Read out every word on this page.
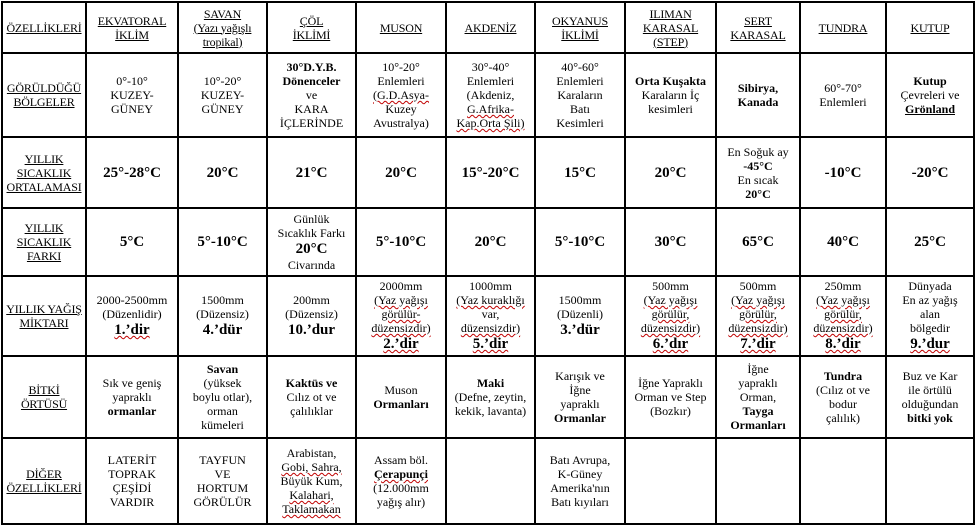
ÖZELLİKLERİ	EKVATORAL
İKLİM	SAVAN
(Yazı yağışlı
tropikal)	ÇÖL
İKLİMİ	MUSON	AKDENİZ	OKYANUS
İKLİMİ	ILIMAN
KARASAL
(STEP)	SERT
KARASAL	TUNDRA	KUTUP

GÖRÜLDÜĞÜ
BÖLGELER	0°-10°
KUZEY-
GÜNEY	10°-20°
KUZEY-
GÜNEY	30°D.Y.B.
Dönenceler
ve
KARA
İÇLERİNDE	10°-20°
Enlemleri
(G.D.Asya-
Kuzey
Avustralya)	30°-40°
Enlemleri
(Akdeniz,
G.Afrika-
Kap.Orta Şili)	40°-60°
Enlemleri
Karaların
Batı
Kesimleri	Orta Kuşakta
Karaların İç
kesimleri	Sibirya,
Kanada	60°-70°
Enlemleri	Kutup
Çevreleri ve
Grönland

YILLIK
SICAKLIK
ORTALAMASI	25°-28°C	20°C	21°C	20°C	15°-20°C	15°C	20°C	En Soğuk ay
-45°C
En sıcak
20°C	-10°C	-20°C

YILLIK
SICAKLIK
FARKI	5°C	5°-10°C	Günlük
Sıcaklık Farkı
20°C
Civarında	5°-10°C	20°C	5°-10°C	30°C	65°C	40°C	25°C

YILLIK YAĞIŞ
MİKTARI	2000-2500mm
(Düzenlidir)
1.’dir	1500mm
(Düzensiz)
4.’dür	200mm
(Düzensiz)
10.’dur	2000mm
(Yaz yağışı
görülür-
düzensizdir)
2.’dir	1000mm
(Yaz kuraklığı
var,
düzensizdir)
5.’dir	1500mm
(Düzenli)
3.’dür	500mm
(Yaz yağışı
görülür,
düzensizdir)
6.’dır	500mm
(Yaz yağışı
görülür,
düzensizdir)
7.’dir	250mm
(Yaz yağışı
görülür,
düzensizdir)
8.’dir	Dünyada
En az yağış
alan
bölgedir
9.’dur

BİTKİ
ÖRTÜSÜ	Sık ve geniş
yapraklı
ormanlar	Savan
(yüksek
boylu otlar),
orman
kümeleri	Kaktüs ve
Cılız ot ve
çalılıklar	Muson
Ormanları	Maki
(Defne, zeytin,
kekik, lavanta)	Karışık ve
İğne
yapraklı
Ormanlar	İğne Yapraklı
Orman ve Step
(Bozkır)	İğne
yapraklı
Orman,
Tayga
Ormanları	Tundra
(Cılız ot ve
bodur
çalılık)	Buz ve Kar
ile örtülü
olduğundan
bitki yok

DİĞER
ÖZELLİKLERİ	LATERİT
TOPRAK
ÇEŞİDİ
VARDIR	TAYFUN
VE
HORTUM
GÖRÜLÜR	Arabistan,
Gobi, Sahra,
Büyük Kum,
Kalahari,
Taklamakan	Assam böl.
Çerapunçi
(12.000mm
yağış alır)		Batı Avrupa,
K-Güney
Amerika'nın
Batı kıyıları				
